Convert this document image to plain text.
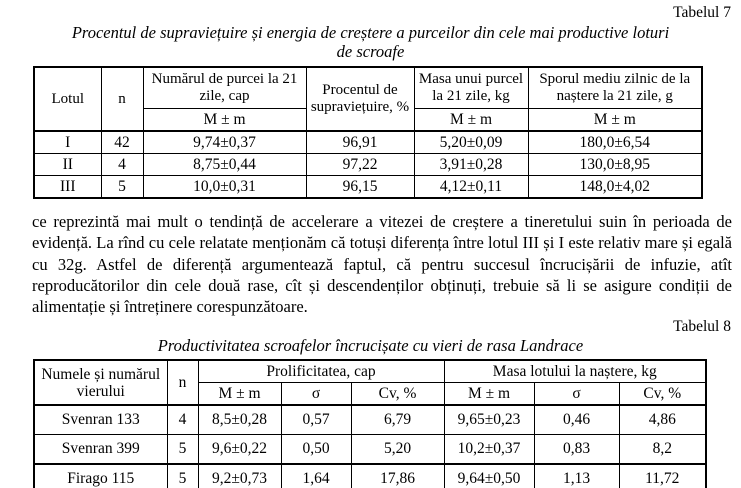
Tabelul 7
Procentul de supraviețuire și energia de creștere a purceilor din cele mai productive loturi de scroafe
Lotul	n	Numărul de purcei la 21 zile, cap	Procentul de supraviețuire, %	Masa unui purcel la 21 zile, kg	Sporul mediu zilnic de la naștere la 21 zile, g
		M ± m		M ± m	M ± m
I	42	9,74±0,37	96,91	5,20±0,09	180,0±6,54
II	4	8,75±0,44	97,22	3,91±0,28	130,0±8,95
III	5	10,0±0,31	96,15	4,12±0,11	148,0±4,02
ce reprezintă mai mult o tendință de accelerare a vitezei de creștere a tineretului suin în perioada de evidență. La rînd cu cele relatate menționăm că totuși diferența între lotul III și I este relativ mare și egală cu 32g. Astfel de diferență argumentează faptul, că pentru succesul încrucișării de infuzie, atît reproducătorilor din cele două rase, cît și descendenților obținuți, trebuie să li se asigure condiții de alimentație și întreținere corespunzătoare.
Tabelul 8
Productivitatea scroafelor încrucișate cu vieri de rasa Landrace
Numele și numărul vierului	n	Prolificitatea, cap			Masa lotului la naștere, kg		
		M ± m	σ	Cv, %	M ± m	σ	Cv, %
Svenran 133	4	8,5±0,28	0,57	6,79	9,65±0,23	0,46	4,86
Svenran 399	5	9,6±0,22	0,50	5,20	10,2±0,37	0,83	8,2
Firago 115	5	9,2±0,73	1,64	17,86	9,64±0,50	1,13	11,72
